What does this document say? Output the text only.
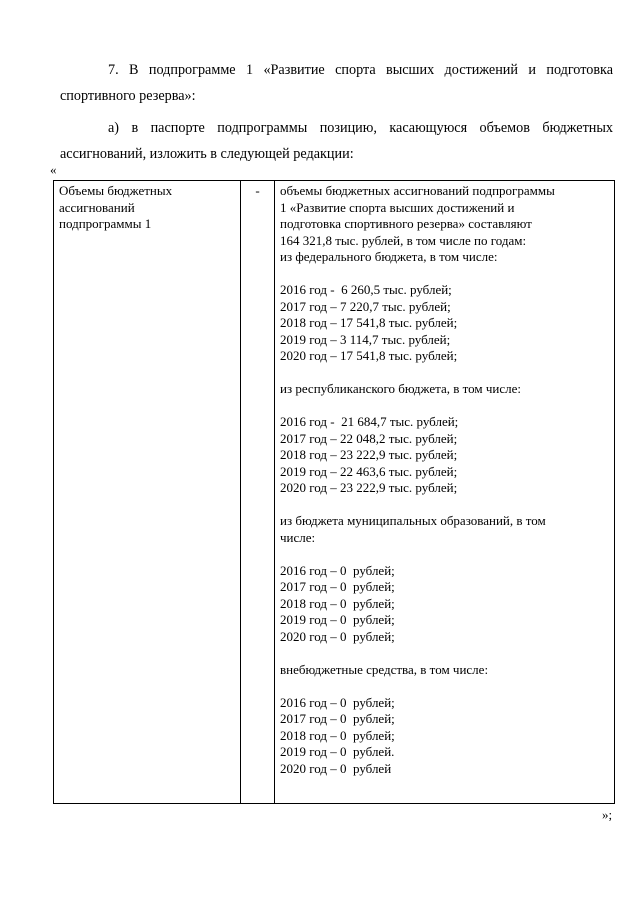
7. В подпрограмме 1 «Развитие спорта высших достижений и подготовка спортивного резерва»:

а) в паспорте подпрограммы позицию, касающуюся объемов бюджетных ассигнований, изложить в следующей редакции:

«
Объемы бюджетных
ассигнований
подпрограммы 1
	-	объемы бюджетных ассигнований подпрограммы
1 «Развитие спорта высших достижений и
подготовка спортивного резерва» составляют
164 321,8 тыс. рублей, в том числе по годам:
из федерального бюджета, в том числе:
2016 год -  6 260,5 тыс. рублей;
2017 год – 7 220,7 тыс. рублей;
2018 год – 17 541,8 тыс. рублей;
2019 год – 3 114,7 тыс. рублей;
2020 год – 17 541,8 тыс. рублей;
из республиканского бюджета, в том числе:
2016 год -  21 684,7 тыс. рублей;
2017 год – 22 048,2 тыс. рублей;
2018 год – 23 222,9 тыс. рублей;
2019 год – 22 463,6 тыс. рублей;
2020 год – 23 222,9 тыс. рублей;
из бюджета муниципальных образований, в том
числе:
2016 год – 0  рублей;
2017 год – 0  рублей;
2018 год – 0  рублей;
2019 год – 0  рублей;
2020 год – 0  рублей;
внебюджетные средства, в том числе:
2016 год – 0  рублей;
2017 год – 0  рублей;
2018 год – 0  рублей;
2019 год – 0  рублей.
2020 год – 0  рублей
»;
